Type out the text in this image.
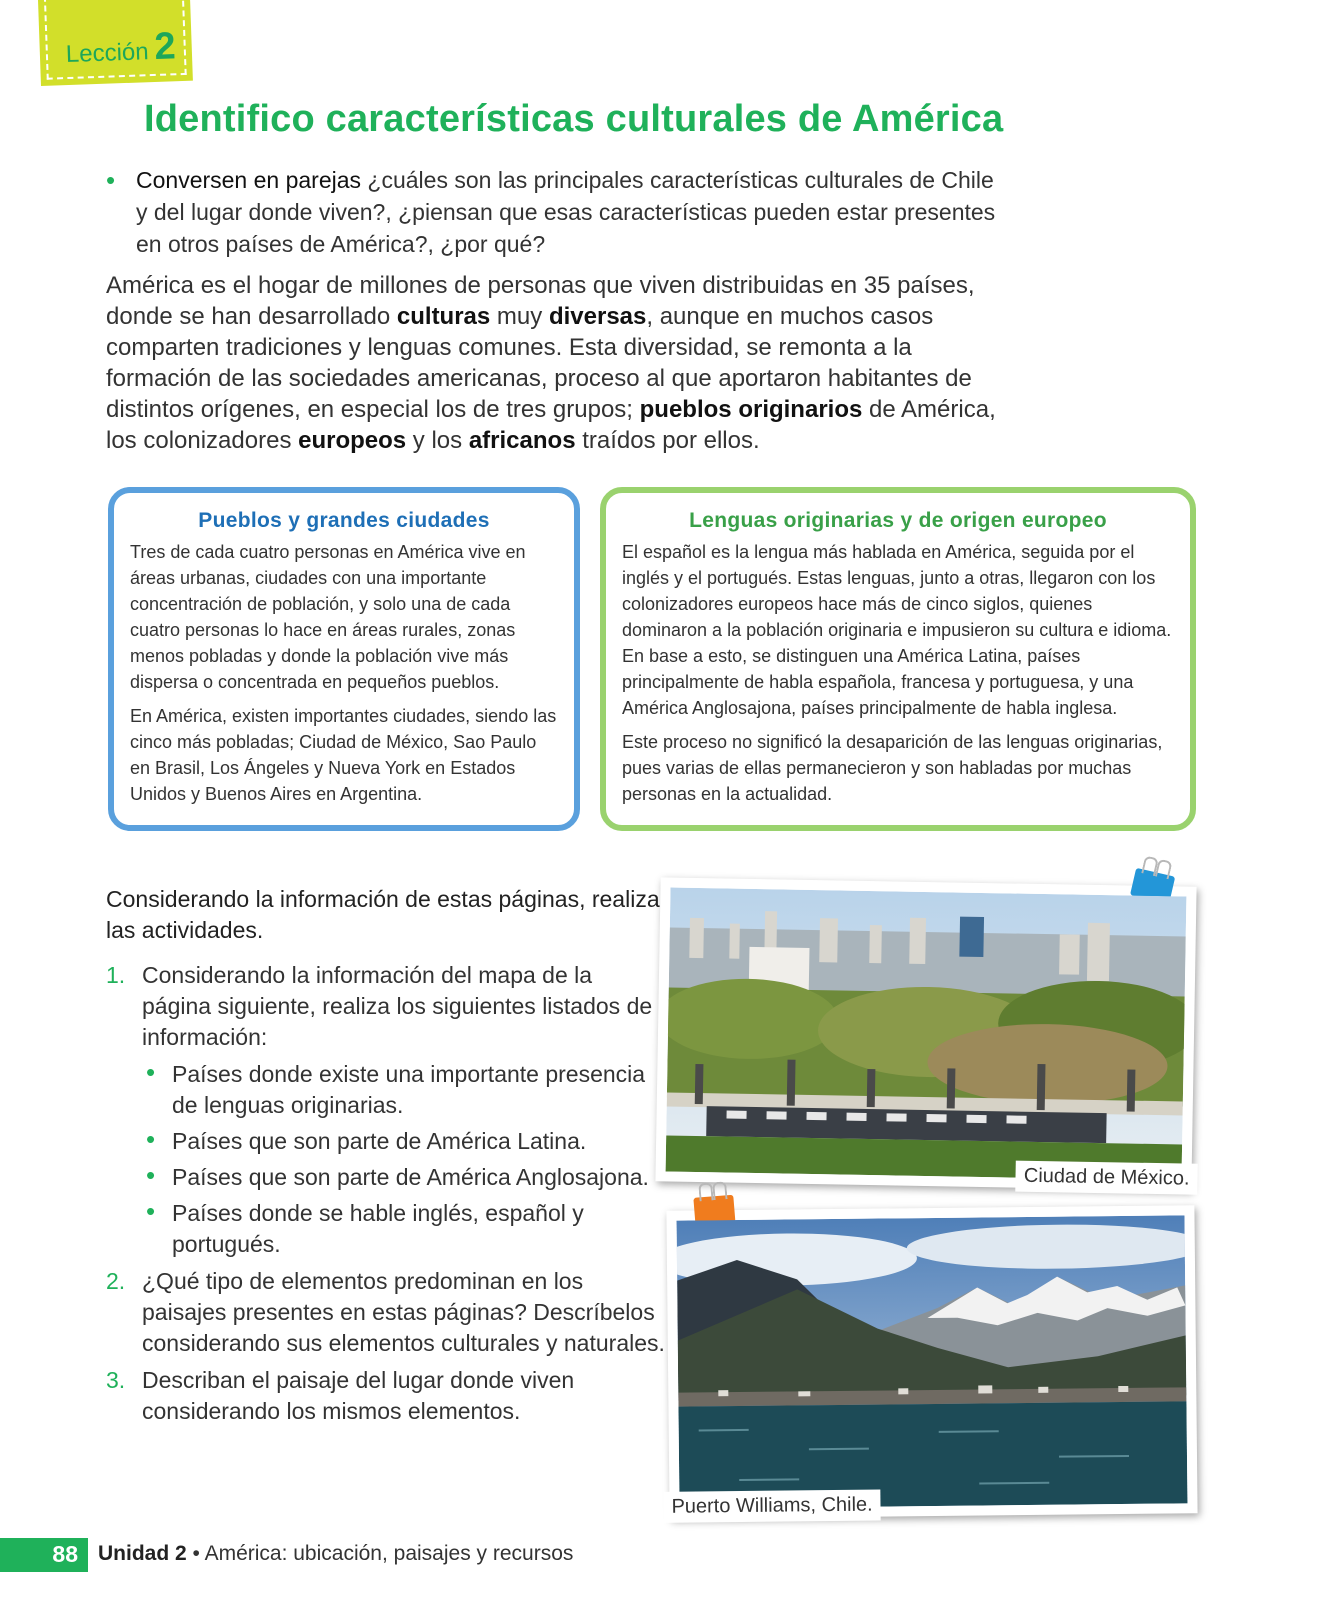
Lección 2
Identifico características culturales de América
• Conversen en parejas ¿cuáles son las principales características culturales de Chile y del lugar donde viven?, ¿piensan que esas características pueden estar presentes en otros países de América?, ¿por qué?

América es el hogar de millones de personas que viven distribuidas en 35 países, donde se han desarrollado culturas muy diversas, aunque en muchos casos comparten tradiciones y lenguas comunes. Esta diversidad, se remonta a la formación de las sociedades americanas, proceso al que aportaron habitantes de distintos orígenes, en especial los de tres grupos; pueblos originarios de América, los colonizadores europeos y los africanos traídos por ellos.

Pueblos y grandes ciudades

Tres de cada cuatro personas en América vive en áreas urbanas, ciudades con una importante concentración de población, y solo una de cada cuatro personas lo hace en áreas rurales, zonas menos pobladas y donde la población vive más dispersa o concentrada en pequeños pueblos.

En América, existen importantes ciudades, siendo las cinco más pobladas; Ciudad de México, Sao Paulo en Brasil, Los Ángeles y Nueva York en Estados Unidos y Buenos Aires en Argentina.

Lenguas originarias y de origen europeo

El español es la lengua más hablada en América, seguida por el inglés y el portugués. Estas lenguas, junto a otras, llegaron con los colonizadores europeos hace más de cinco siglos, quienes dominaron a la población originaria e impusieron su cultura e idioma. En base a esto, se distinguen una América Latina, países principalmente de habla española, francesa y portuguesa, y una América Anglosajona, países principalmente de habla inglesa.

Este proceso no significó la desaparición de las lenguas originarias, pues varias de ellas permanecieron y son habladas por muchas personas en la actualidad.

Considerando la información de estas páginas, realiza las actividades.

1. Considerando la información del mapa de la página siguiente, realiza los siguientes listados de información:
• Países donde existe una importante presencia de lenguas originarias.
• Países que son parte de América Latina.
• Países que son parte de América Anglosajona.
• Países donde se hable inglés, español y portugués.
2. ¿Qué tipo de elementos predominan en los paisajes presentes en estas páginas? Descríbelos considerando sus elementos culturales y naturales.
3. Describan el paisaje del lugar donde viven considerando los mismos elementos.
Ciudad de México.
Puerto Williams, Chile.
88 Unidad 2 • América: ubicación, paisajes y recursos
